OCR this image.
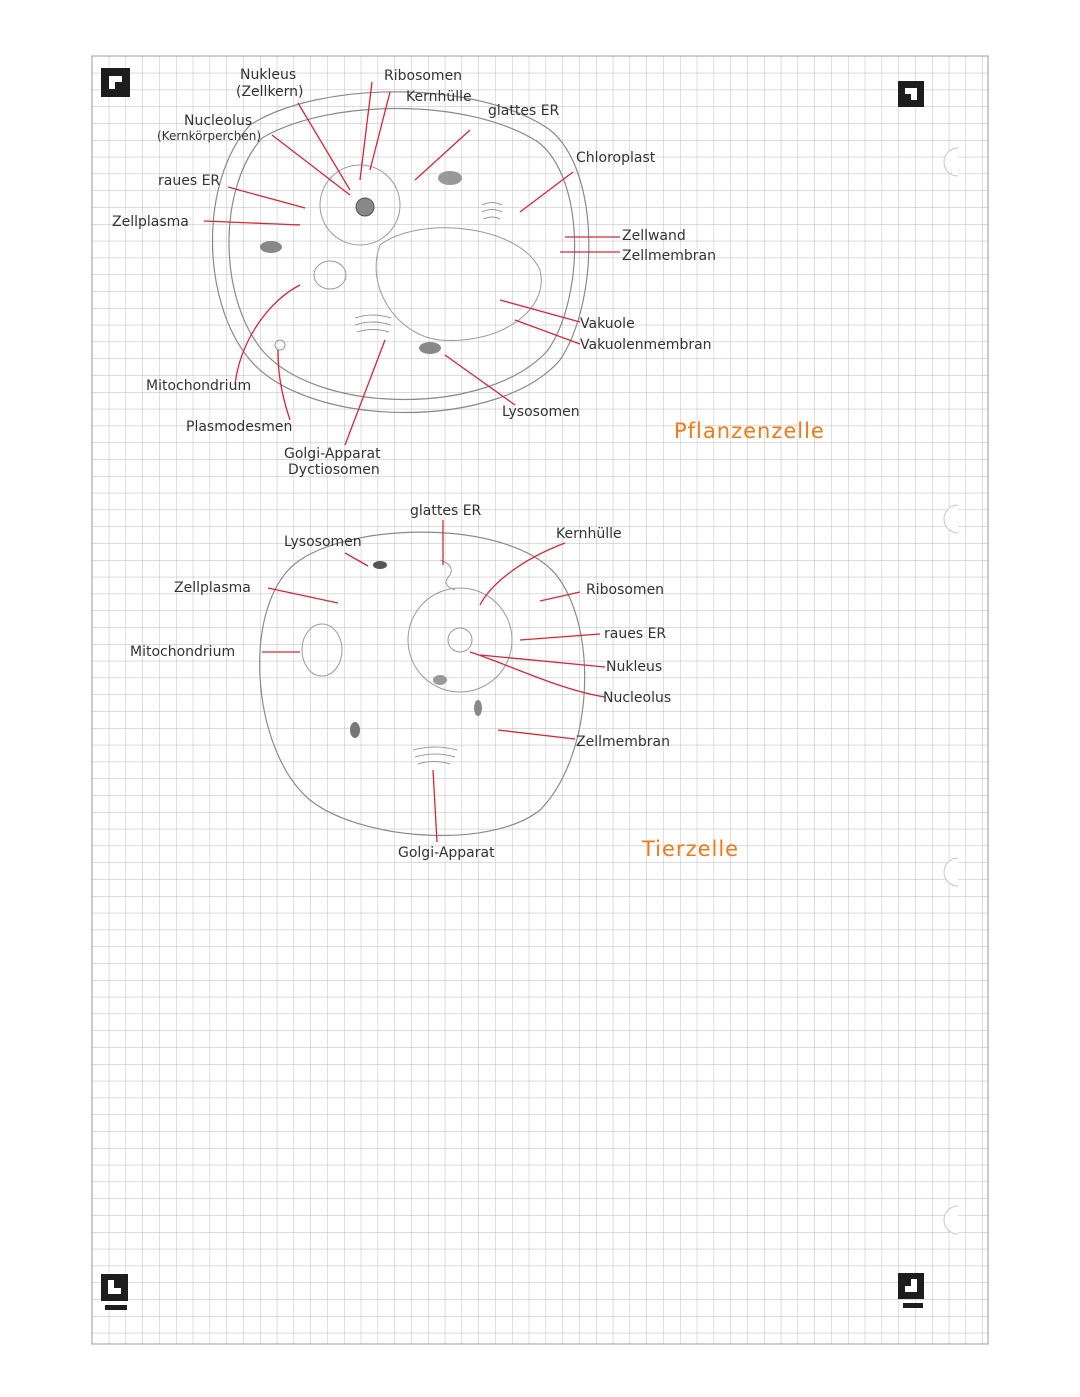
Nukleus
(Zellkern)
Ribosomen
Kernhülle
glattes ER
Nucleolus
(Kernkörperchen)
Chloroplast
raues ER
Zellplasma
Zellwand
Zellmembran
Vakuole
Vakuolenmembran
Mitochondrium
Lysosomen
Plasmodesmen
Golgi-Apparat
Dyctiosomen
Pflanzenzelle
glattes ER
Lysosomen	Kernhülle
Zellplasma	Ribosomen
raues ER
Mitochondrium
Nukleus
Nucleolus
Zellmembran
Golgi-Apparat	Tierzelle
